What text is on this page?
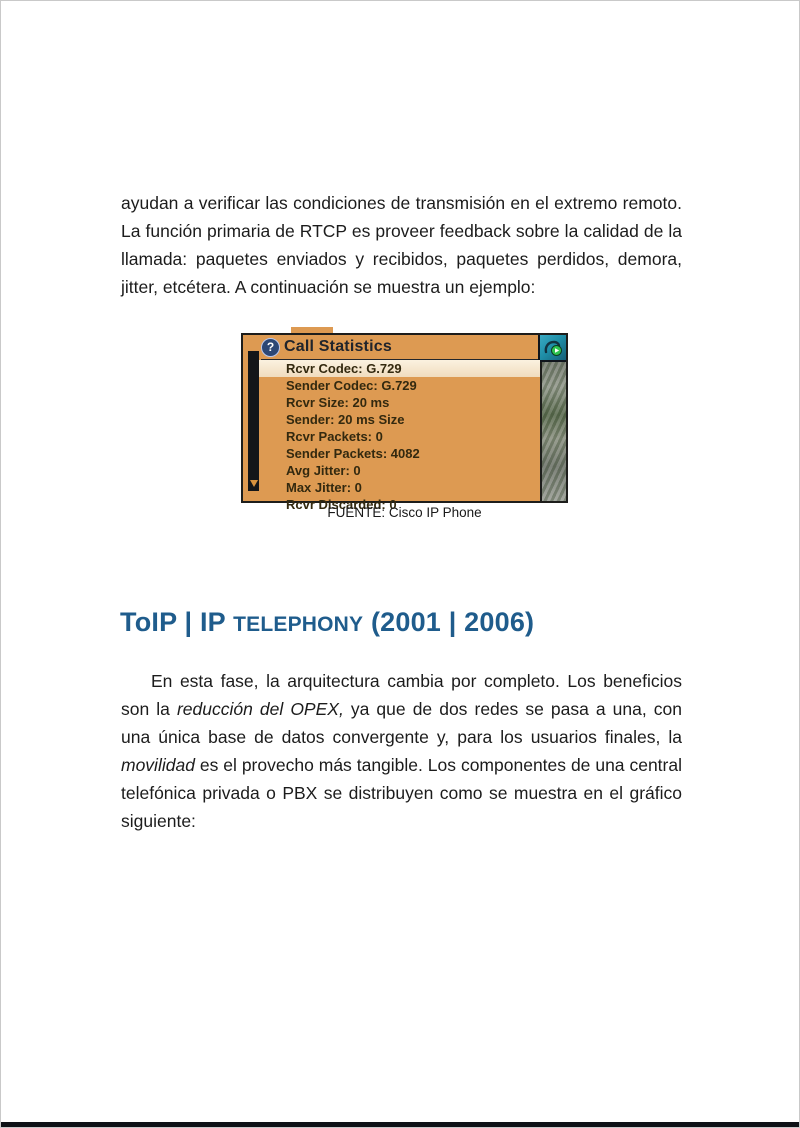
ayudan a verificar las condiciones de transmisión en el extremo remoto. La función primaria de RTCP es proveer feedback sobre la calidad de la llamada: paquetes enviados y recibidos, paquetes perdidos, demora, jitter, etcétera. A continuación se muestra un ejemplo:

? Call Statistics
Rcvr Codec: G.729
Sender Codec: G.729
Rcvr Size: 20 ms
Sender: 20 ms Size
Rcvr Packets: 0
Sender Packets: 4082
Avg Jitter: 0
Max Jitter: 0
Rcvr Discarded: 0
FUENTE: Cisco IP Phone
ToIP | IP TELEPHONY (2001 | 2006)

En esta fase, la arquitectura cambia por completo. Los beneficios son la reducción del OPEX, ya que de dos redes se pasa a una, con una única base de datos convergente y, para los usuarios finales, la movilidad es el provecho más tangible. Los componentes de una central telefónica privada o PBX se distribuyen como se muestra en el gráfico siguiente:
